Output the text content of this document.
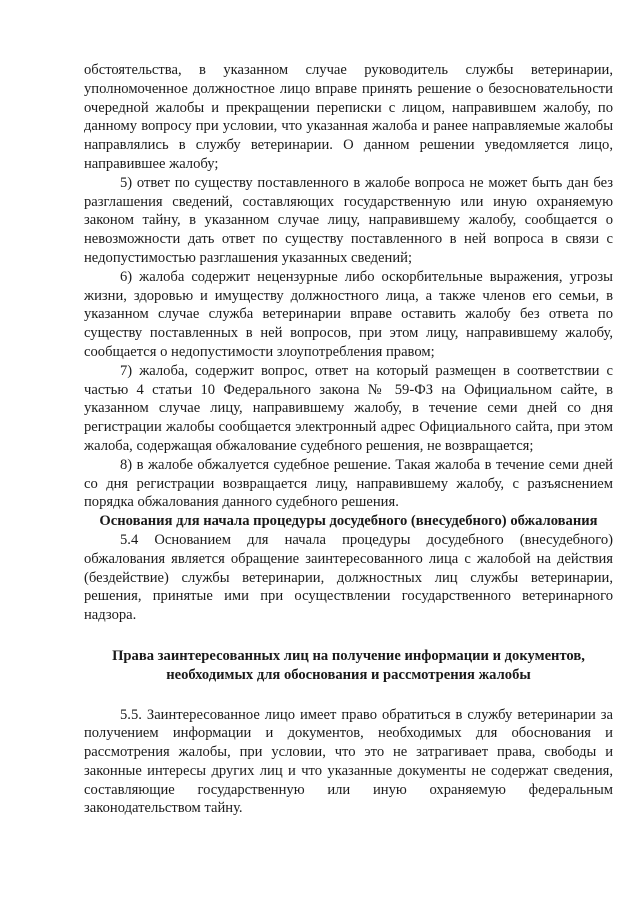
обстоятельства, в указанном случае руководитель службы ветеринарии, уполномоченное должностное лицо вправе принять решение о безосновательности очередной жалобы и прекращении переписки с лицом, направившем жалобу, по данному вопросу при условии, что указанная жалоба и ранее направляемые жалобы направлялись в службу ветеринарии. О данном решении уведомляется лицо, направившее жалобу;

5) ответ по существу поставленного в жалобе вопроса не может быть дан без разглашения сведений, составляющих государственную или иную охраняемую законом тайну, в указанном случае лицу, направившему жалобу, сообщается о невозможности дать ответ по существу поставленного в ней вопроса в связи с недопустимостью разглашения указанных сведений;

6) жалоба содержит нецензурные либо оскорбительные выражения, угрозы жизни, здоровью и имуществу должностного лица, а также членов его семьи, в указанном случае служба ветеринарии вправе оставить жалобу без ответа по существу поставленных в ней вопросов, при этом лицу, направившему жалобу, сообщается о недопустимости злоупотребления правом;

7) жалоба, содержит вопрос, ответ на который размещен в соответствии с частью 4 статьи 10 Федерального закона № 59-ФЗ на Официальном сайте, в указанном случае лицу, направившему жалобу, в течение семи дней со дня регистрации жалобы сообщается электронный адрес Официального сайта, при этом жалоба, содержащая обжалование судебного решения, не возвращается;

8) в жалобе обжалуется судебное решение. Такая жалоба в течение семи дней со дня регистрации возвращается лицу, направившему жалобу, с разъяснением порядка обжалования данного судебного решения.

Основания для начала процедуры досудебного (внесудебного) обжалования

5.4 Основанием для начала процедуры досудебного (внесудебного) обжалования является обращение заинтересованного лица с жалобой на действия (бездействие) службы ветеринарии, должностных лиц службы ветеринарии, решения, принятые ими при осуществлении государственного ветеринарного надзора.

Права заинтересованных лиц на получение информации и документов,
необходимых для обоснования и рассмотрения жалобы

5.5. Заинтересованное лицо имеет право обратиться в службу ветеринарии за получением информации и документов, необходимых для обоснования и рассмотрения жалобы, при условии, что это не затрагивает права, свободы и законные интересы других лиц и что указанные документы не содержат сведения, составляющие государственную или иную охраняемую федеральным законодательством тайну.
